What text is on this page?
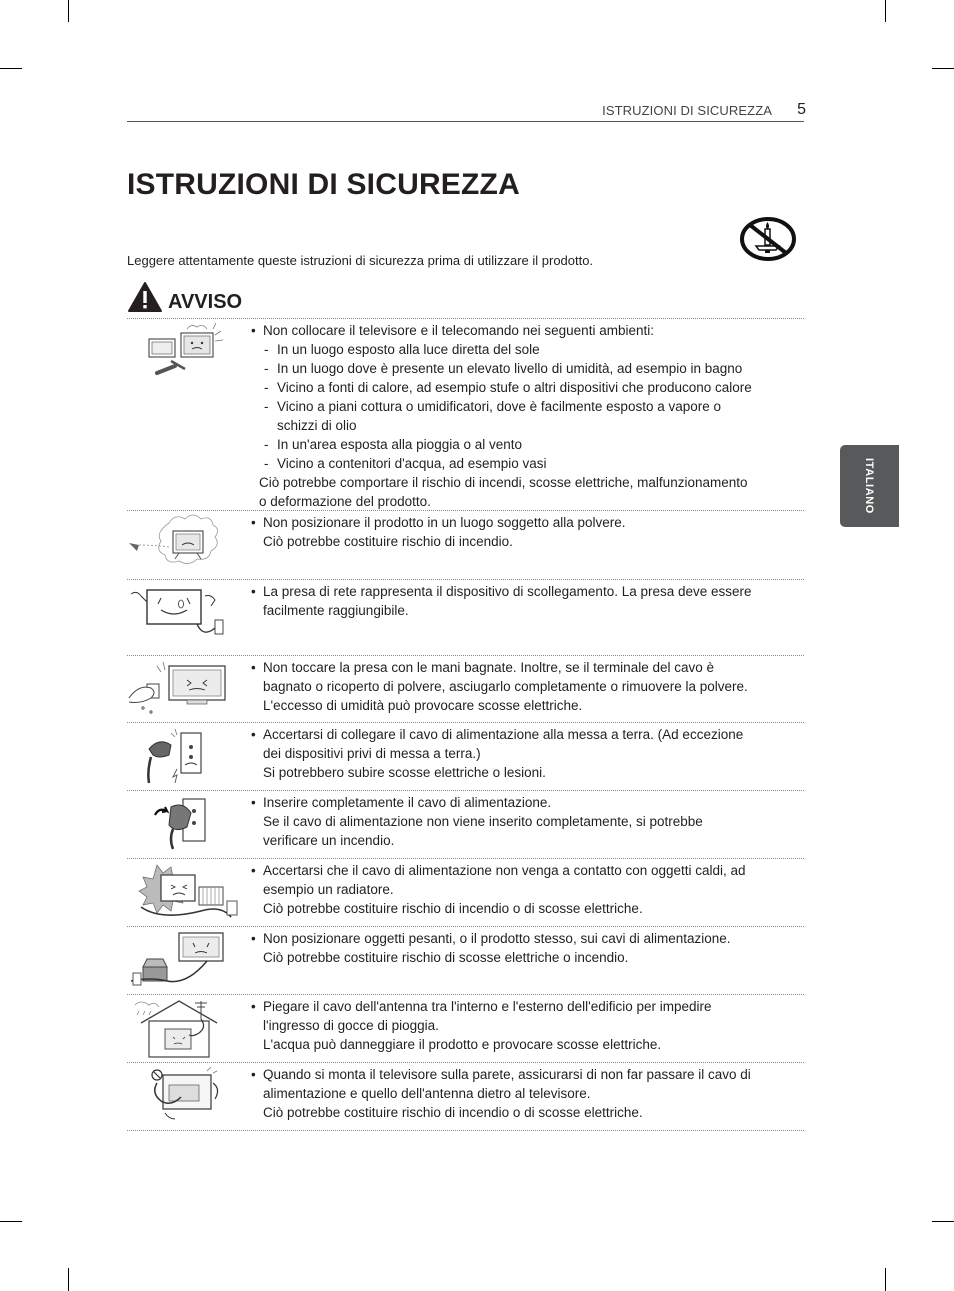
ISTRUZIONI DI SICUREZZA	5
ISTRUZIONI DI SICUREZZA
Leggere attentamente queste istruzioni di sicurezza prima di utilizzare il prodotto.
AVVISO
ITALIANO
• Non collocare il televisore e il telecomando nei seguenti ambienti:
- In un luogo esposto alla luce diretta del sole
- In un luogo dove è presente un elevato livello di umidità, ad esempio in bagno
- Vicino a fonti di calore, ad esempio stufe o altri dispositivi che producono calore
- Vicino a piani cottura o umidificatori, dove è facilmente esposto a vapore o
schizzi di olio
- In un'area esposta alla pioggia o al vento
- Vicino a contenitori d'acqua, ad esempio vasi
Ciò potrebbe comportare il rischio di incendi, scosse elettriche, malfunzionamento
o deformazione del prodotto.
• Non posizionare il prodotto in un luogo soggetto alla polvere.
Ciò potrebbe costituire rischio di incendio.
• La presa di rete rappresenta il dispositivo di scollegamento. La presa deve essere
facilmente raggiungibile.
• Non toccare la presa con le mani bagnate. Inoltre, se il terminale del cavo è
bagnato o ricoperto di polvere, asciugarlo completamente o rimuovere la polvere.
L'eccesso di umidità può provocare scosse elettriche.
• Accertarsi di collegare il cavo di alimentazione alla messa a terra. (Ad eccezione
dei dispositivi privi di messa a terra.)
Si potrebbero subire scosse elettriche o lesioni.
• Inserire completamente il cavo di alimentazione.
Se il cavo di alimentazione non viene inserito completamente, si potrebbe
verificare un incendio.
• Accertarsi che il cavo di alimentazione non venga a contatto con oggetti caldi, ad
esempio un radiatore.
Ciò potrebbe costituire rischio di incendio o di scosse elettriche.
• Non posizionare oggetti pesanti, o il prodotto stesso, sui cavi di alimentazione.
Ciò potrebbe costituire rischio di scosse elettriche o incendio.
• Piegare il cavo dell'antenna tra l'interno e l'esterno dell'edificio per impedire
l'ingresso di gocce di pioggia.
L'acqua può danneggiare il prodotto e provocare scosse elettriche.
• Quando si monta il televisore sulla parete, assicurarsi di non far passare il cavo di
alimentazione e quello dell'antenna dietro al televisore.
Ciò potrebbe costituire rischio di incendio o di scosse elettriche.
